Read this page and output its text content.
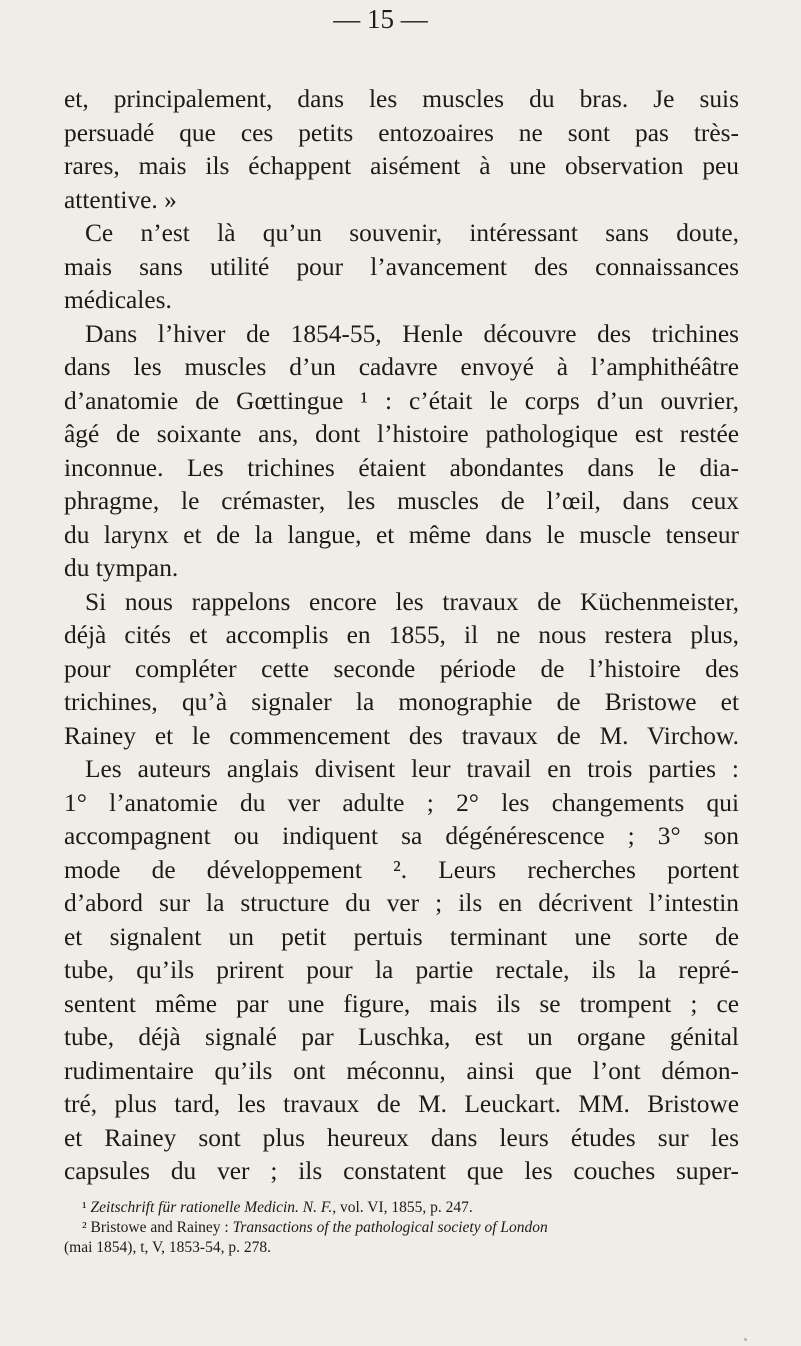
— 15 —
et, principalement, dans les muscles du bras. Je suis
persuadé que ces petits entozoaires ne sont pas très-
rares, mais ils échappent aisément à une observation peu
attentive. »
Ce n’est là qu’un souvenir, intéressant sans doute,
mais sans utilité pour l’avancement des connaissances
médicales.
Dans l’hiver de 1854-55, Henle découvre des trichines
dans les muscles d’un cadavre envoyé à l’amphithéâtre
d’anatomie de Gœttingue ¹ : c’était le corps d’un ouvrier,
âgé de soixante ans, dont l’histoire pathologique est restée
inconnue. Les trichines étaient abondantes dans le dia-
phragme, le crémaster, les muscles de l’œil, dans ceux
du larynx et de la langue, et même dans le muscle tenseur
du tympan.
Si nous rappelons encore les travaux de Küchenmeister,
déjà cités et accomplis en 1855, il ne nous restera plus,
pour compléter cette seconde période de l’histoire des
trichines, qu’à signaler la monographie de Bristowe et
Rainey et le commencement des travaux de M. Virchow.
Les auteurs anglais divisent leur travail en trois parties :
1° l’anatomie du ver adulte ; 2° les changements qui
accompagnent ou indiquent sa dégénérescence ; 3° son
mode de développement ². Leurs recherches portent
d’abord sur la structure du ver ; ils en décrivent l’intestin
et signalent un petit pertuis terminant une sorte de
tube, qu’ils prirent pour la partie rectale, ils la repré-
sentent même par une figure, mais ils se trompent ; ce
tube, déjà signalé par Luschka, est un organe génital
rudimentaire qu’ils ont méconnu, ainsi que l’ont démon-
tré, plus tard, les travaux de M. Leuckart. MM. Bristowe
et Rainey sont plus heureux dans leurs études sur les
capsules du ver ; ils constatent que les couches super-
¹ Zeitschrift für rationelle Medicin. N. F., vol. VI, 1855, p. 247.
² Bristowe and Rainey : Transactions of the pathological society of London
(mai 1854), t, V, 1853-54, p. 278.
